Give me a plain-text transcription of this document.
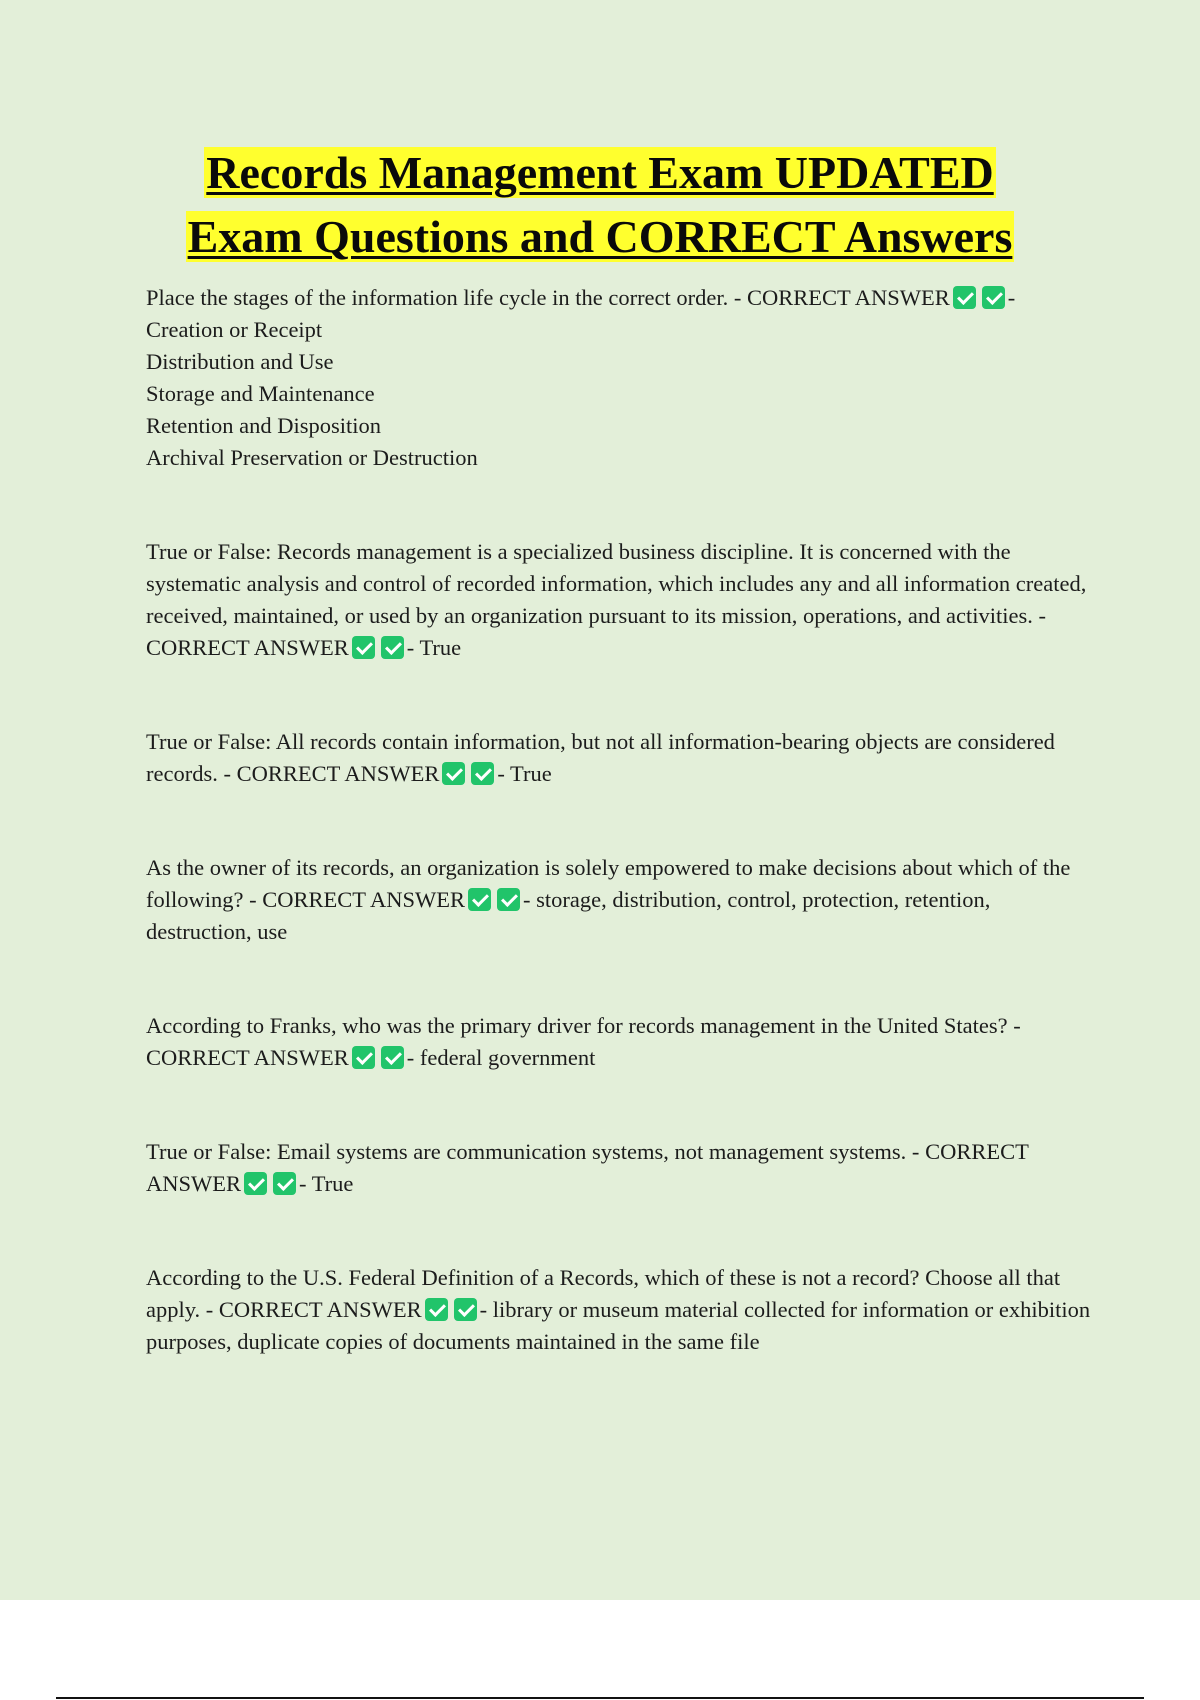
Records Management Exam UPDATED
Exam Questions and CORRECT Answers

Place the stages of the information life cycle in the correct order. - CORRECT ANSWER	- Creation or Receipt

Distribution and Use

Storage and Maintenance

Retention and Disposition

Archival Preservation or Destruction

True or False: Records management is a specialized business discipline. It is concerned with the systematic analysis and control of recorded information, which includes any and all information created, received, maintained, or used by an organization pursuant to its mission, operations, and activities. - CORRECT ANSWER	- True

True or False: All records contain information, but not all information-bearing objects are considered records. - CORRECT ANSWER	- True

As the owner of its records, an organization is solely empowered to make decisions about which of the following? - CORRECT ANSWER	- storage, distribution, control, protection, retention, destruction, use

According to Franks, who was the primary driver for records management in the United States? - CORRECT ANSWER	- federal government

True or False: Email systems are communication systems, not management systems. - CORRECT ANSWER	- True

According to the U.S. Federal Definition of a Records, which of these is not a record? Choose all that apply. - CORRECT ANSWER	- library or museum material collected for information or exhibition purposes, duplicate copies of documents maintained in the same file
